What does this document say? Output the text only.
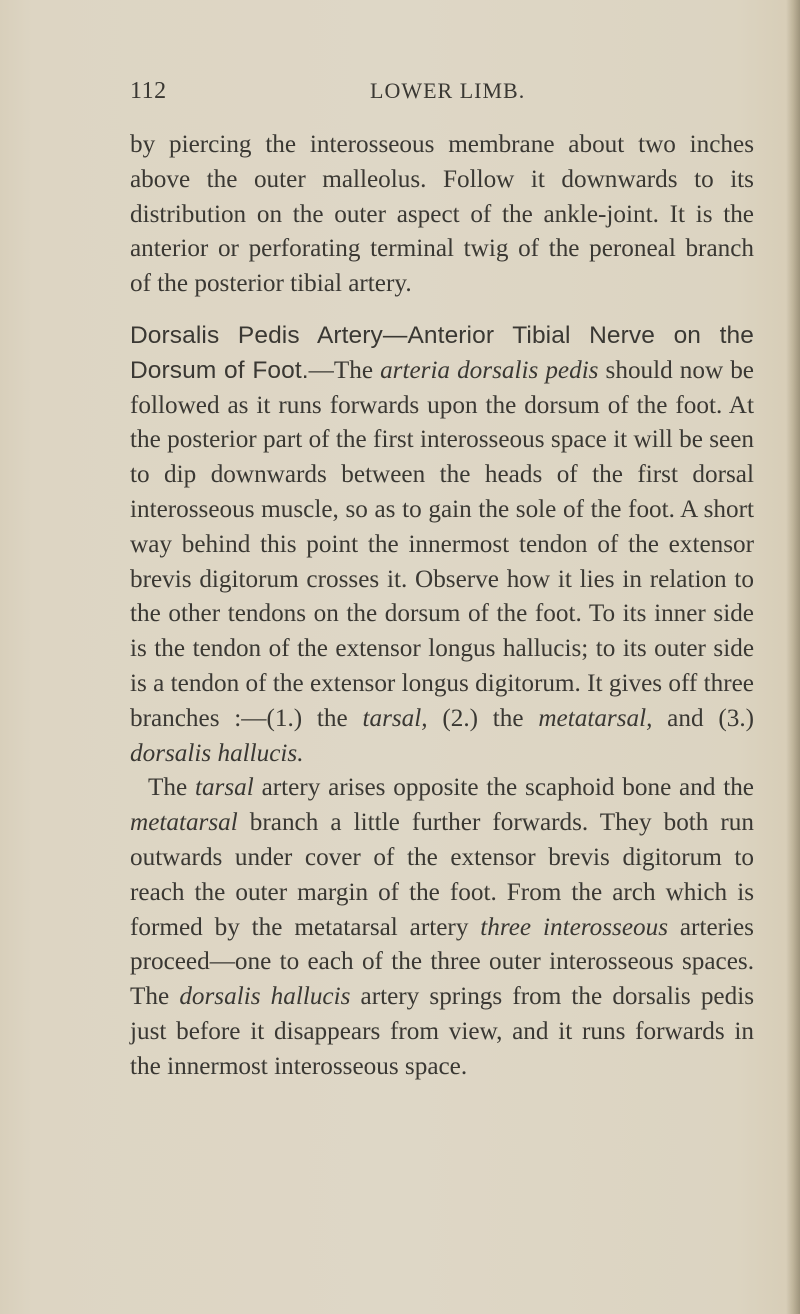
112	LOWER LIMB.

by piercing the interosseous membrane about two inches above the outer malleolus. Follow it downwards to its distribution on the outer aspect of the ankle-joint. It is the anterior or perforating terminal twig of the peroneal branch of the posterior tibial artery.

Dorsalis Pedis Artery—Anterior Tibial Nerve on the Dorsum of Foot.—The arteria dorsalis pedis should now be followed as it runs forwards upon the dorsum of the foot. At the posterior part of the first interosseous space it will be seen to dip downwards between the heads of the first dorsal interosseous muscle, so as to gain the sole of the foot. A short way behind this point the innermost tendon of the extensor brevis digitorum crosses it. Observe how it lies in relation to the other tendons on the dorsum of the foot. To its inner side is the tendon of the extensor longus hallucis; to its outer side is a tendon of the extensor longus digitorum. It gives off three branches :—(1.) the tarsal, (2.) the metatarsal, and (3.) dorsalis hallucis.

The tarsal artery arises opposite the scaphoid bone and the metatarsal branch a little further forwards. They both run outwards under cover of the extensor brevis digitorum to reach the outer margin of the foot. From the arch which is formed by the metatarsal artery three interosseous arteries proceed—one to each of the three outer interosseous spaces. The dorsalis hallucis artery springs from the dorsalis pedis just before it disappears from view, and it runs forwards in the innermost interosseous space.
